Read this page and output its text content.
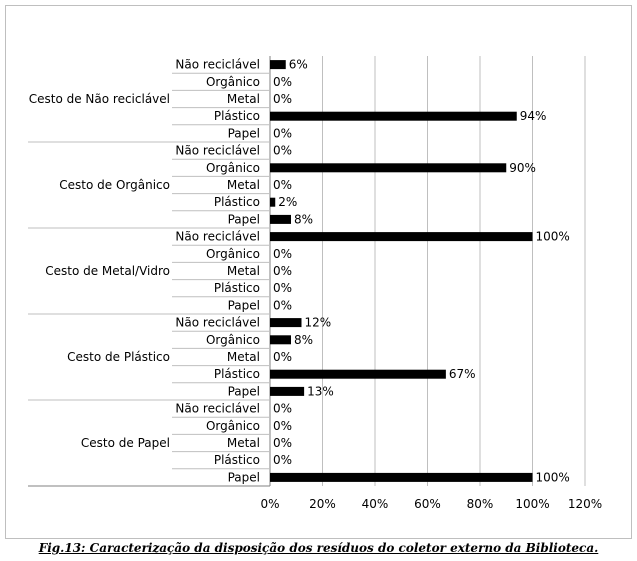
0% 20% 40% 60% 80% 100% 120%
Cesto de Não reciclável
Não reciclável 6%
Orgânico 0%
Metal 0%
Plástico	94%
Papel 0%
Cesto de Orgânico
Não reciclável 0%
Orgânico	90%
Metal 0%
Plástico 2%
Papel	8%
Cesto de Metal/Vidro
Não reciclável	100%
Orgânico 0%
Metal 0%
Plástico 0%
Papel 0%
Cesto de Plástico
Não reciclável	12%
Orgânico	8%
Metal 0%
Plástico	67%
Papel	13%
Cesto de Papel
Não reciclável 0%
Orgânico 0%
Metal 0%
Plástico 0%
Papel	100%
Fig.13: Caracterização da disposição dos resíduos do coletor externo da Biblioteca.
